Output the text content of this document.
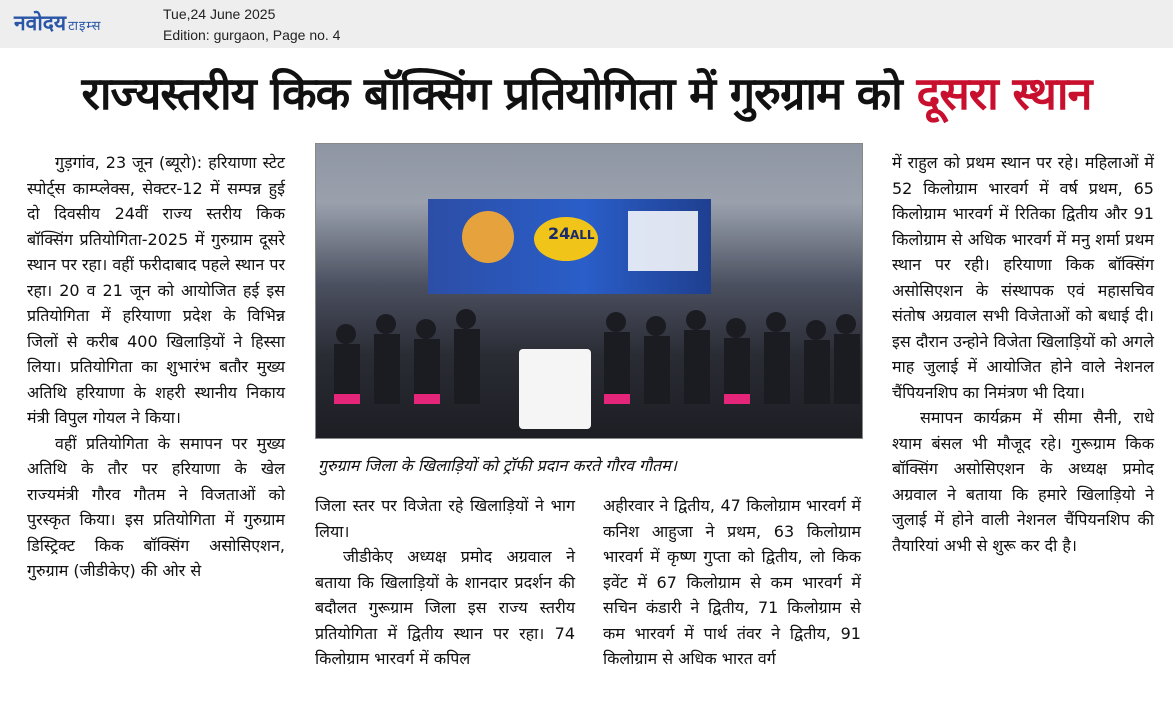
नवोदय टाइम्स
Tue,24 June 2025
Edition: gurgaon, Page no. 4
राज्यस्तरीय किक बॉक्सिंग प्रतियोगिता में गुरुग्राम को दूसरा स्थान

गुड़गांव, 23 जून (ब्यूरो): हरियाणा स्टेट स्पोर्ट्स काम्प्लेक्स, सेक्टर-12 में सम्पन्न हुई दो दिवसीय 24वीं राज्य स्तरीय किक बॉक्सिंग प्रतियोगिता-2025 में गुरुग्राम दूसरे स्थान पर रहा। वहीं फरीदाबाद पहले स्थान पर रहा। 20 व 21 जून को आयोजित हई इस प्रतियोगिता में हरियाणा प्रदेश के विभिन्न जिलों से करीब 400 खिलाड़ियों ने हिस्सा लिया। प्रतियोगिता का शुभारंभ बतौर मुख्य अतिथि हरियाणा के शहरी स्थानीय निकाय मंत्री विपुल गोयल ने किया।

वहीं प्रतियोगिता के समापन पर मुख्य अतिथि के तौर पर हरियाणा के खेल राज्यमंत्री गौरव गौतम ने विजताओं को पुरस्कृत किया। इस प्रतियोगिता में गुरुग्राम डिस्ट्रिक्ट किक बॉक्सिंग असोसिएशन, गुरुग्राम (जीडीकेए) की ओर से

24 ALL
गुरुग्राम जिला के खिलाड़ियों को ट्रॉफी प्रदान करते गौरव गौतम।

जिला स्तर पर विजेता रहे खिलाड़ियों ने भाग लिया।

जीडीकेए अध्यक्ष प्रमोद अग्रवाल ने बताया कि खिलाड़ियों के शानदार प्रदर्शन की बदौलत गुरूग्राम जिला इस राज्य स्तरीय प्रतियोगिता में द्वितीय स्थान पर रहा। 74 किलोग्राम भारवर्ग में कपिल

अहीरवार ने द्वितीय, 47 किलोग्राम भारवर्ग में कनिश आहुजा ने प्रथम, 63 किलोग्राम भारवर्ग में कृष्ण गुप्ता को द्वितीय, लो किक इवेंट में 67 किलोग्राम से कम भारवर्ग में सचिन कंडारी ने द्वितीय, 71 किलोग्राम से कम भारवर्ग में पार्थ तंवर ने द्वितीय, 91 किलोग्राम से अधिक भारत वर्ग

में राहुल को प्रथम स्थान पर रहे। महिलाओं में 52 किलोग्राम भारवर्ग में वर्ष प्रथम, 65 किलोग्राम भारवर्ग में रितिका द्वितीय और 91 किलोग्राम से अधिक भारवर्ग में मनु शर्मा प्रथम स्थान पर रही। हरियाणा किक बॉक्सिंग असोसिएशन के संस्थापक एवं महासचिव संतोष अग्रवाल सभी विजेताओं को बधाई दी। इस दौरान उन्होने विजेता खिलाड़ियों को अगले माह जुलाई में आयोजित होने वाले नेशनल चैंपियनशिप का निमंत्रण भी दिया।

समापन कार्यक्रम में सीमा सैनी, राधे श्याम बंसल भी मौजूद रहे। गुरूग्राम किक बॉक्सिंग असोसिएशन के अध्यक्ष प्रमोद अग्रवाल ने बताया कि हमारे खिलाड़ियो ने जुलाई में होने वाली नेशनल चैंपियनशिप की तैयारियां अभी से शुरू कर दी है।
